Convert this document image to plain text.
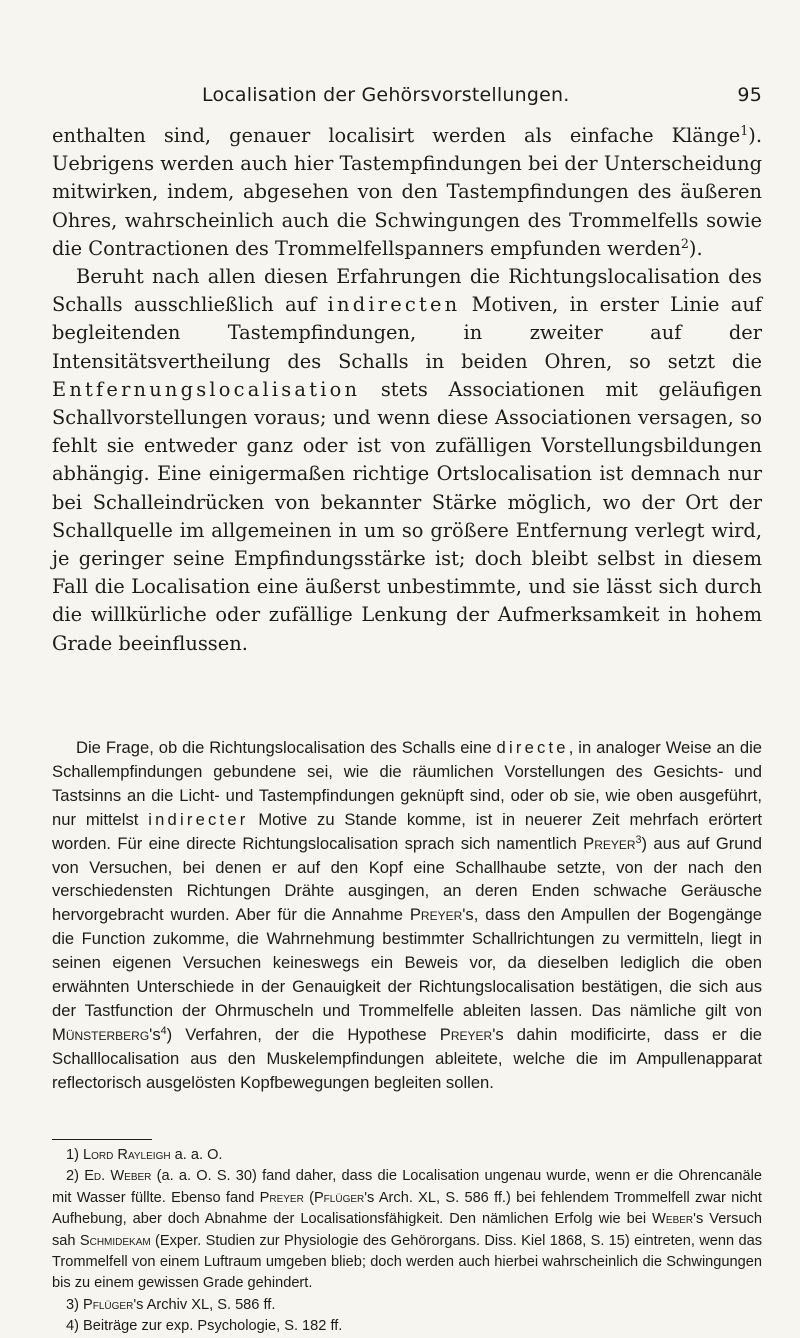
Localisation der Gehörsvorstellungen.	95

enthalten sind, genauer localisirt werden als einfache Klänge$^1$). Uebrigens werden auch hier Tastempfindungen bei der Unterscheidung mitwirken, indem, abgesehen von den Tastempfindungen des äußeren Ohres, wahrscheinlich auch die Schwingungen des Trommelfells sowie die Contractionen des Trommelfellspanners empfunden werden$^2$).

Beruht nach allen diesen Erfahrungen die Richtungslocalisation des Schalls ausschließlich auf indirecten Motiven, in erster Linie auf begleitenden Tastempfindungen, in zweiter auf der Intensitätsvertheilung des Schalls in beiden Ohren, so setzt die Entfernungslocalisation stets Associationen mit geläufigen Schallvorstellungen voraus; und wenn diese Associationen versagen, so fehlt sie entweder ganz oder ist von zufälligen Vorstellungsbildungen abhängig. Eine einigermaßen richtige Ortslocalisation ist demnach nur bei Schalleindrücken von bekannter Stärke möglich, wo der Ort der Schallquelle im allgemeinen in um so größere Entfernung verlegt wird, je geringer seine Empfindungsstärke ist; doch bleibt selbst in diesem Fall die Localisation eine äußerst unbestimmte, und sie lässt sich durch die willkürliche oder zufällige Lenkung der Aufmerksamkeit in hohem Grade beeinflussen.

Die Frage, ob die Richtungslocalisation des Schalls eine directe, in analoger Weise an die Schallempfindungen gebundene sei, wie die räumlichen Vorstellungen des Gesichts- und Tastsinns an die Licht- und Tastempfindungen geknüpft sind, oder ob sie, wie oben ausgeführt, nur mittelst indirecter Motive zu Stande komme, ist in neuerer Zeit mehrfach erörtert worden. Für eine directe Richtungslocalisation sprach sich namentlich Preyer$^3$) aus auf Grund von Versuchen, bei denen er auf den Kopf eine Schallhaube setzte, von der nach den verschiedensten Richtungen Drähte ausgingen, an deren Enden schwache Geräusche hervorgebracht wurden. Aber für die Annahme Preyer's, dass den Ampullen der Bogengänge die Function zukomme, die Wahrnehmung bestimmter Schallrichtungen zu vermitteln, liegt in seinen eigenen Versuchen keineswegs ein Beweis vor, da dieselben lediglich die oben erwähnten Unterschiede in der Genauigkeit der Richtungslocalisation bestätigen, die sich aus der Tastfunction der Ohrmuscheln und Trommelfelle ableiten lassen. Das nämliche gilt von $Münsterberg's^4$) Verfahren, der die Hypothese Preyer's dahin modificirte, dass er die Schalllocalisation aus den Muskelempfindungen ableitete, welche die im Ampullenapparat reflectorisch ausgelösten Kopfbewegungen begleiten sollen.

1) Lord Rayleigh a. a. O.

2) Ed. Weber (a. a. O. S. 30) fand daher, dass die Localisation ungenau wurde, wenn er die Ohrencanäle mit Wasser füllte. Ebenso fand Preyer (Pflüger's Arch. XL, S. 586 ff.) bei fehlendem Trommelfell zwar nicht Aufhebung, aber doch Abnahme der Localisationsfähigkeit. Den nämlichen Erfolg wie bei Weber's Versuch sah Schmidekam (Exper. Studien zur Physiologie des Gehörorgans. Diss. Kiel 1868, S. 15) eintreten, wenn das Trommelfell von einem Luftraum umgeben blieb; doch werden auch hierbei wahrscheinlich die Schwingungen bis zu einem gewissen Grade gehindert.

3) Pflüger's Archiv XL, S. 586 ff.

4) Beiträge zur exp. Psychologie, S. 182 ff.
